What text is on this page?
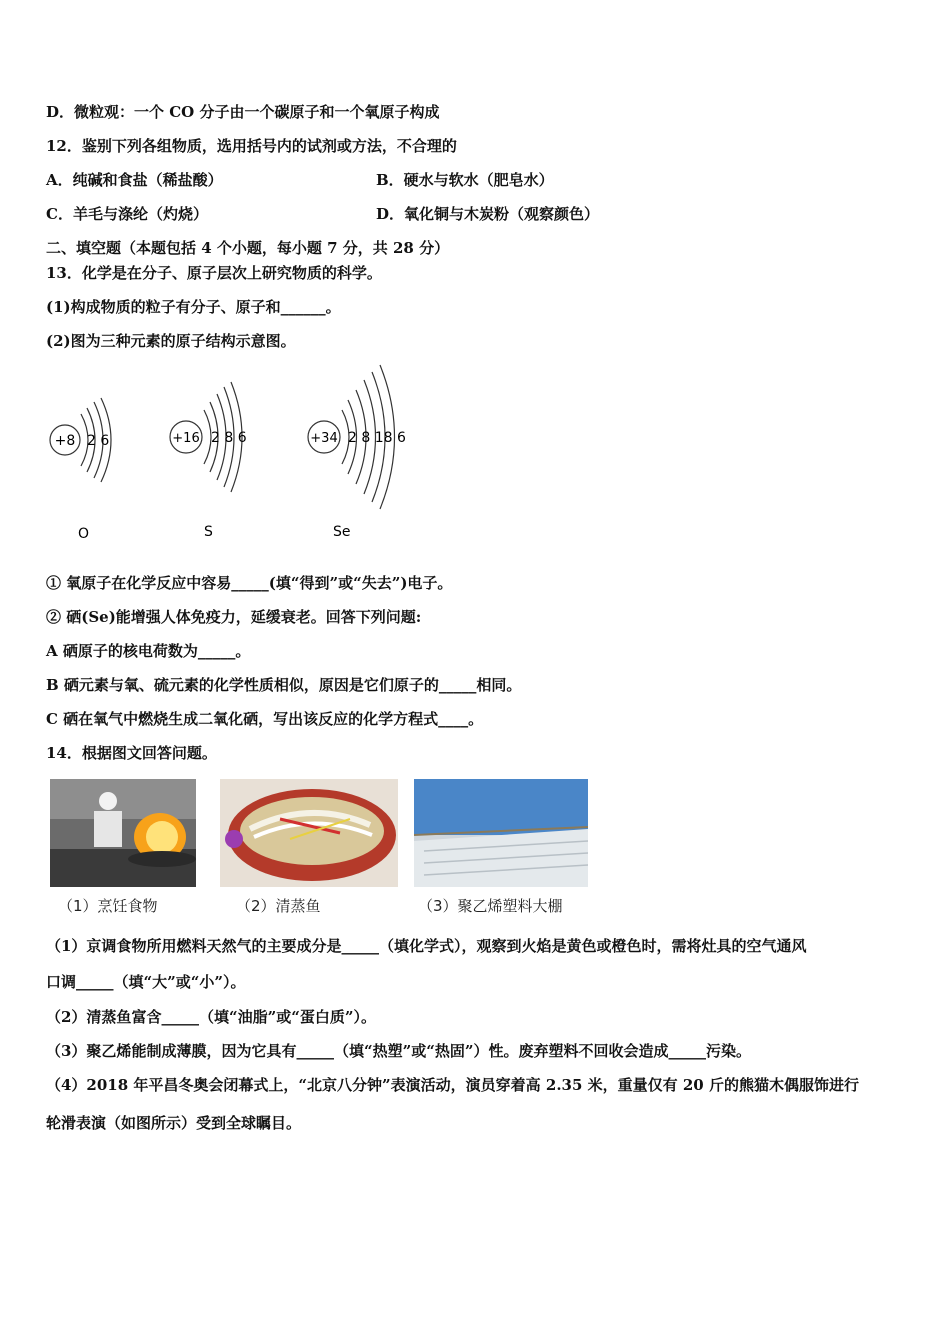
D．微粒观：一个 CO 分子由一个碳原子和一个氧原子构成
12．鉴别下列各组物质，选用括号内的试剂或方法，不合理的
A．纯碱和食盐（稀盐酸）	B．硬水与软水（肥皂水）
C．羊毛与涤纶（灼烧）	D．氧化铜与木炭粉（观察颜色）
二、填空题（本题包括 4 个小题，每小题 7 分，共 28 分）
13．化学是在分子、原子层次上研究物质的科学。
(1)构成物质的粒子有分子、原子和______。
(2)图为三种元素的原子结构示意图。
+8 2 6
O
+16 2 8 6
S
+34 2 8 18 6
Se
① 氧原子在化学反应中容易_____(填“得到”或“失去”)电子。
② 硒(Se)能增强人体免疫力，延缓衰老。回答下列问题:
A 硒原子的核电荷数为_____。
B 硒元素与氧、硫元素的化学性质相似，原因是它们原子的_____相同。
C 硒在氧气中燃烧生成二氧化硒，写出该反应的化学方程式____。
14．根据图文回答问题。
（1）烹饪食物	（2）清蒸鱼	（3）聚乙烯塑料大棚
（1）京调食物所用燃料天然气的主要成分是_____（填化学式），观察到火焰是黄色或橙色时，需将灶具的空气通风
口调_____（填“大”或“小”）。
（2）清蒸鱼富含_____（填“油脂”或“蛋白质”）。
（3）聚乙烯能制成薄膜，因为它具有_____（填“热塑”或“热固”）性。废弃塑料不回收会造成_____污染。
（4）2018 年平昌冬奥会闭幕式上，“北京八分钟”表演活动，演员穿着高 2.35 米，重量仅有 20 斤的熊猫木偶服饰进行
轮滑表演（如图所示）受到全球瞩目。
